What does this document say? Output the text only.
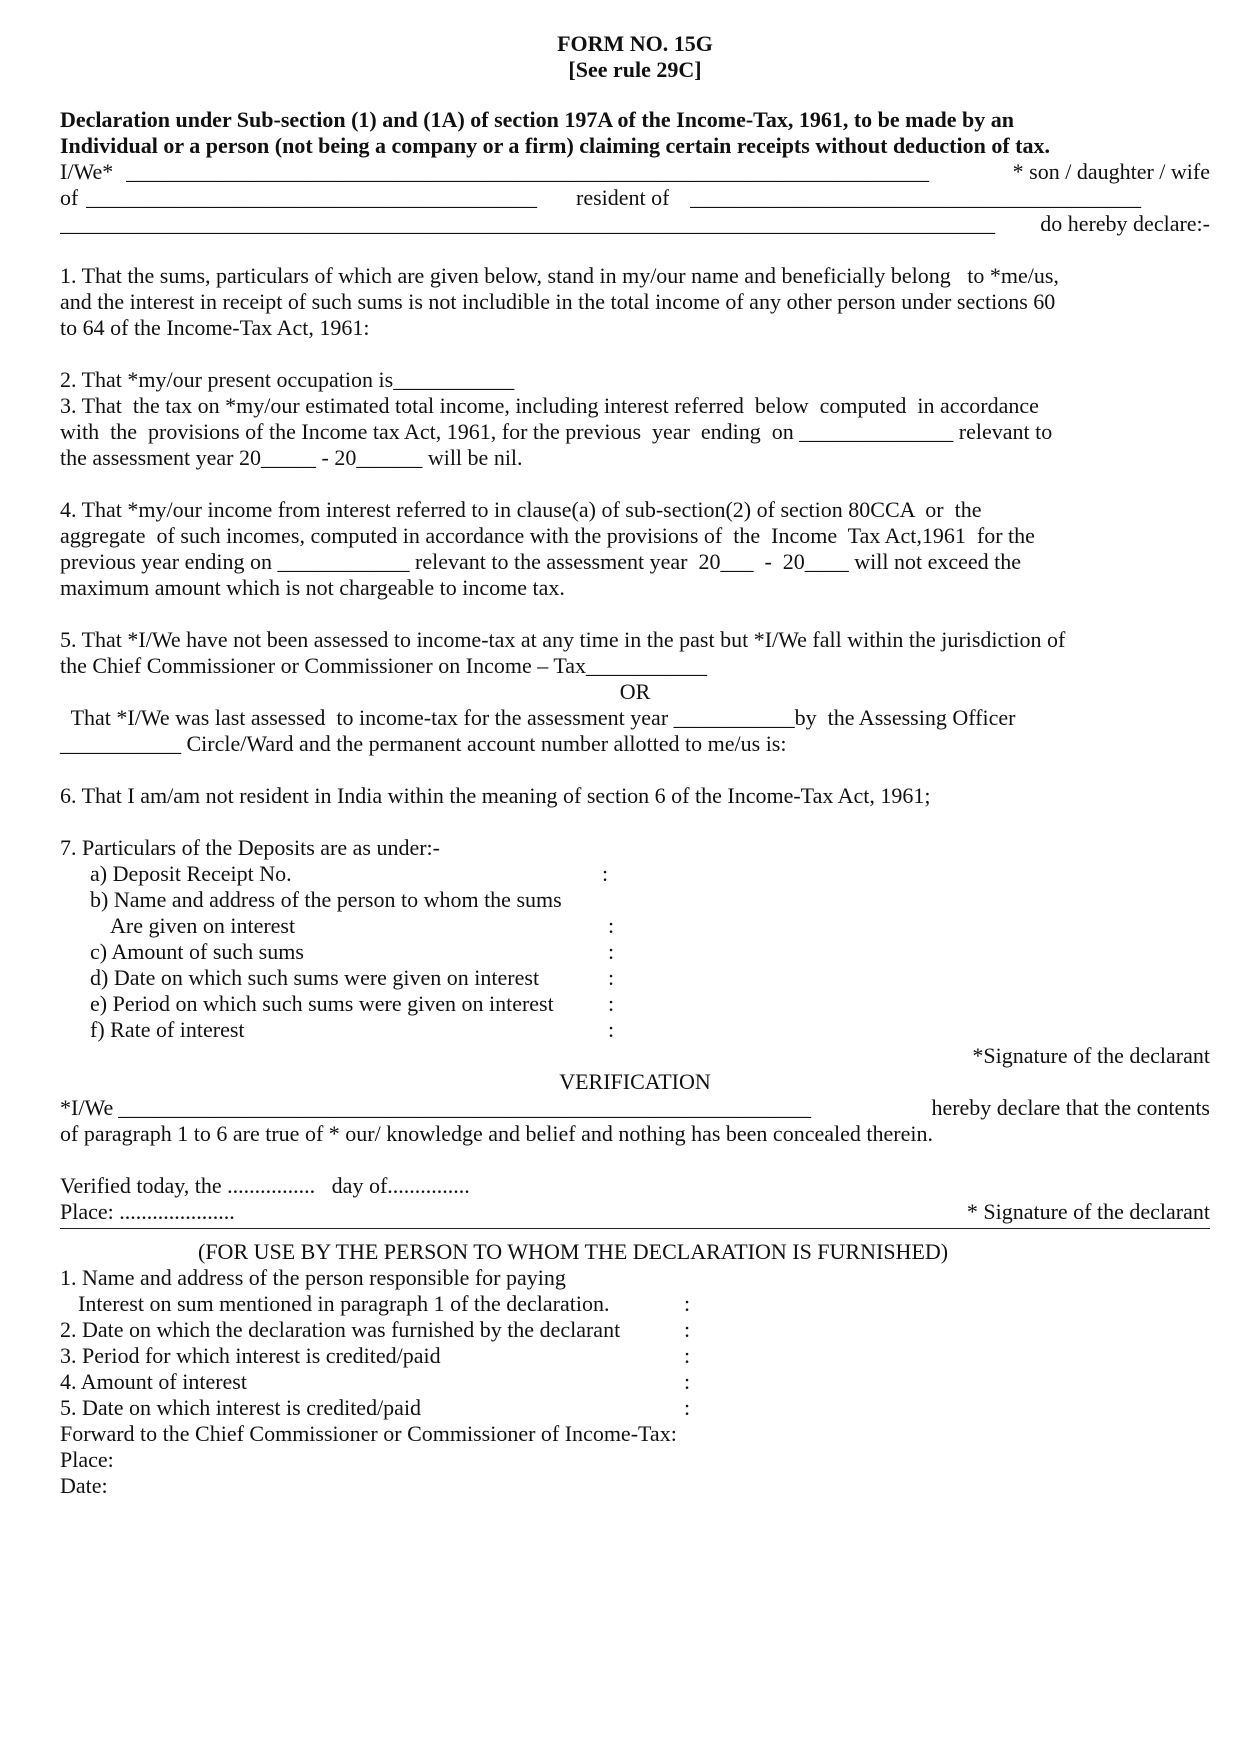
FORM NO. 15G
[See rule 29C]
Declaration under Sub-section (1) and (1A) of section 197A of the Income-Tax, 1961, to be made by an
Individual or a person (not being a company or a firm) claiming certain receipts without deduction of tax.
I/We* _________________________________________________________________________	* son / daughter / wife
of _________________________________________	resident of _________________________________________
_____________________________________________________________________________________	do hereby declare:-
1. That the sums, particulars of which are given below, stand in my/our name and beneficially belong   to *me/us,
and the interest in receipt of such sums is not includible in the total income of any other person under sections 60
to 64 of the Income-Tax Act, 1961:
2. That *my/our present occupation is___________
3. That  the tax on *my/our estimated total income, including interest referred  below  computed  in accordance
with  the  provisions of the Income tax Act, 1961, for the previous  year  ending  on ______________ relevant to
the assessment year 20_____ - 20______ will be nil.
4. That *my/our income from interest referred to in clause(a) of sub-section(2) of section 80CCA  or  the
aggregate  of such incomes, computed in accordance with the provisions of  the  Income  Tax Act,1961  for the
previous year ending on ____________ relevant to the assessment year  20___  -  20____ will not exceed the
maximum amount which is not chargeable to income tax.
5. That *I/We have not been assessed to income-tax at any time in the past but *I/We fall within the jurisdiction of
the Chief Commissioner or Commissioner on Income – Tax___________
OR
That *I/We was last assessed  to income-tax for the assessment year ___________by  the Assessing Officer
___________ Circle/Ward and the permanent account number allotted to me/us is:
6. That I am/am not resident in India within the meaning of section 6 of the Income-Tax Act, 1961;
7. Particulars of the Deposits are as under:-
a) Deposit Receipt No.	:
b) Name and address of the person to whom the sums
Are given on interest	:
c) Amount of such sums	:
d) Date on which such sums were given on interest	:
e) Period on which such sums were given on interest	:
f) Rate of interest	:
*Signature of the declarant
VERIFICATION
*I/We _______________________________________________________________	hereby declare that the contents
of paragraph 1 to 6 are true of * our/ knowledge and belief and nothing has been concealed therein.
Verified today, the ................   day of...............
Place: .....................	* Signature of the declarant
(FOR USE BY THE PERSON TO WHOM THE DECLARATION IS FURNISHED)
1. Name and address of the person responsible for paying
Interest on sum mentioned in paragraph 1 of the declaration.	:
2. Date on which the declaration was furnished by the declarant	:
3. Period for which interest is credited/paid	:
4. Amount of interest	:
5. Date on which interest is credited/paid	:
Forward to the Chief Commissioner or Commissioner of Income-Tax:
Place:
Date:
